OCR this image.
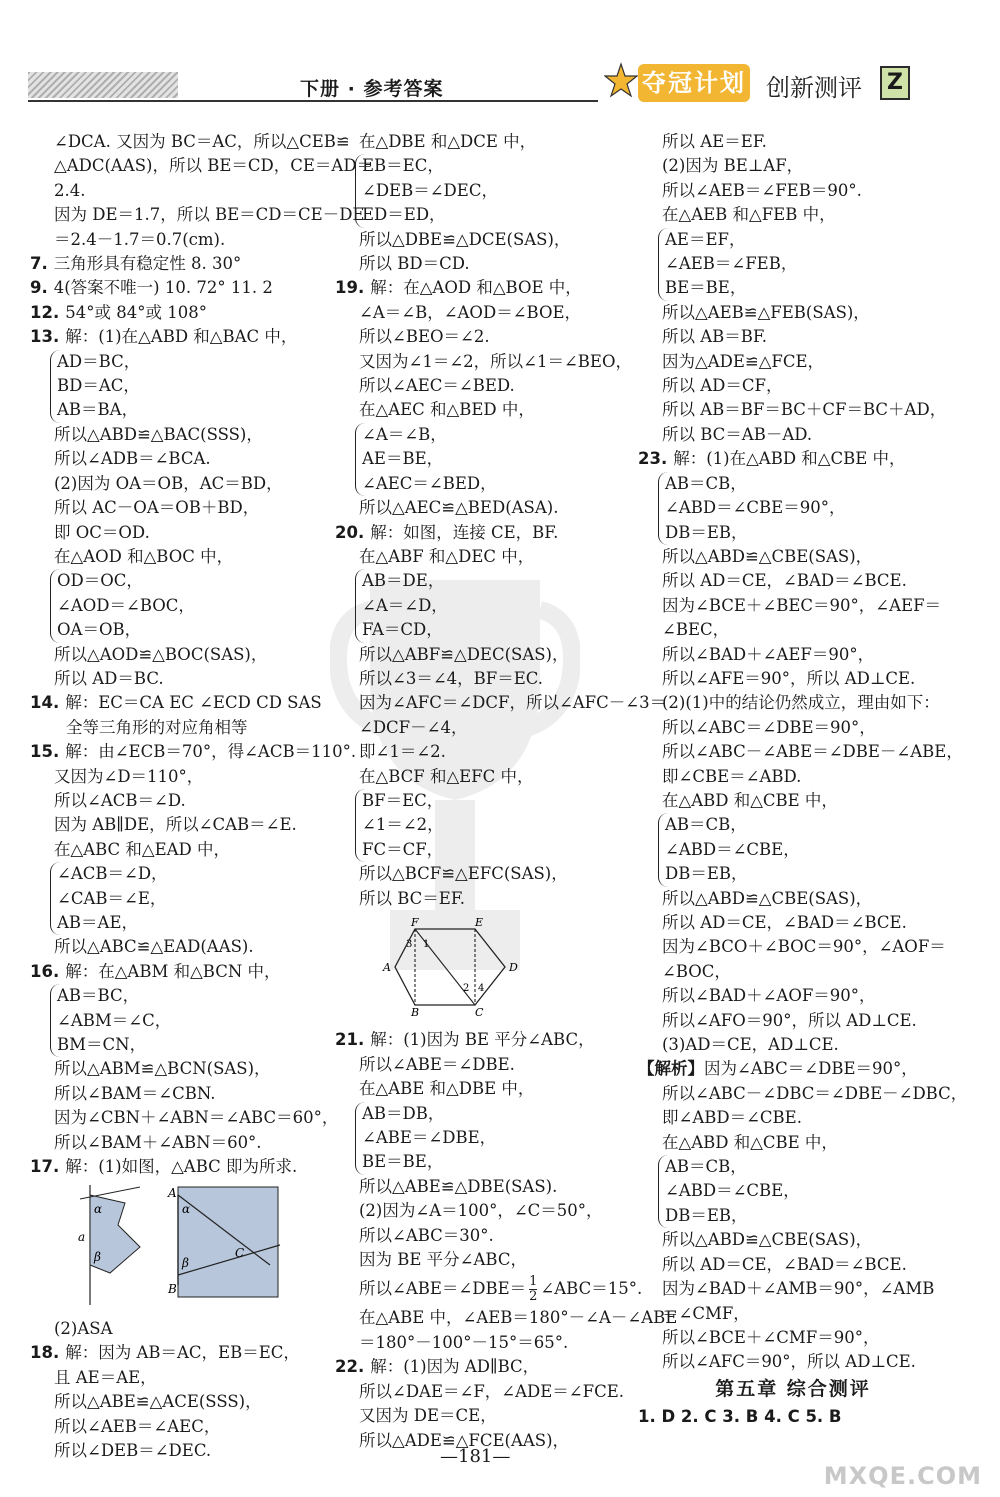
下册 · 参考答案	夺冠计划 创新测评	Z
∠DCA. 又因为 BC＝AC，所以△CEB≌
△ADC(AAS)，所以 BE＝CD，CE＝AD＝
2.4.
因为 DE＝1.7，所以 BE＝CD＝CE－DE
＝2.4－1.7＝0.7(cm).
7. 三角形具有稳定性 8. 30°
9. 4(答案不唯一) 10. 72° 11. 2
12. 54°或 84°或 108°
13. 解：(1)在△ABD 和△BAC 中，
AD＝BC，
BD＝AC，
AB＝BA，
所以△ABD≌△BAC(SSS)，
所以∠ADB＝∠BCA.
(2)因为 OA＝OB，AC＝BD，
所以 AC－OA＝OB＋BD，
即 OC＝OD.
在△AOD 和△BOC 中，
OD＝OC，
∠AOD＝∠BOC，
OA＝OB，
所以△AOD≌△BOC(SAS)，
所以 AD＝BC.
14. 解：EC＝CA EC ∠ECD CD SAS
全等三角形的对应角相等
15. 解：由∠ECB＝70°，得∠ACB＝110°.
又因为∠D＝110°，
所以∠ACB＝∠D.
因为 AB∥DE，所以∠CAB＝∠E.
在△ABC 和△EAD 中，
∠ACB＝∠D，
∠CAB＝∠E，
AB＝AE，
所以△ABC≌△EAD(AAS).
16. 解：在△ABM 和△BCN 中，
AB＝BC，
∠ABM＝∠C，
BM＝CN，
所以△ABM≌△BCN(SAS)，
所以∠BAM＝∠CBN.
因为∠CBN＋∠ABN＝∠ABC＝60°，
所以∠BAM＋∠ABN＝60°.
17. 解：(1)如图，△ABC 即为所求.
α
a
β
A
B
C
α
β
(2)ASA
18. 解：因为 AB＝AC，EB＝EC，
且 AE＝AE，
所以△ABE≌△ACE(SSS)，
所以∠AEB＝∠AEC，
所以∠DEB＝∠DEC.
在△DBE 和△DCE 中，
EB＝EC，
∠DEB＝∠DEC，
ED＝ED，
所以△DBE≌△DCE(SAS)，
所以 BD＝CD.
19. 解：在△AOD 和△BOE 中，
∠A＝∠B，∠AOD＝∠BOE，
所以∠BEO＝∠2.
又因为∠1＝∠2，所以∠1＝∠BEO，
所以∠AEC＝∠BED.
在△AEC 和△BED 中，
∠A＝∠B，
AE＝BE，
∠AEC＝∠BED，
所以△AEC≌△BED(ASA).
20. 解：如图，连接 CE，BF.
在△ABF 和△DEC 中，
AB＝DE，
∠A＝∠D，
FA＝CD，
所以△ABF≌△DEC(SAS)，
所以∠3＝∠4，BF＝EC.
因为∠AFC＝∠DCF，所以∠AFC－∠3＝
∠DCF－∠4，
即∠1＝∠2.
在△BCF 和△EFC 中，
BF＝EC，
∠1＝∠2，
FC＝CF，
所以△BCF≌△EFC(SAS)，
所以 BC＝EF.
F	E
A	D
B	C
1
2
3
4
21. 解：(1)因为 BE 平分∠ABC，
所以∠ABE＝∠DBE.
在△ABE 和△DBE 中，
AB＝DB，
∠ABE＝∠DBE，
BE＝BE，
所以△ABE≌△DBE(SAS).
(2)因为∠A＝100°，∠C＝50°，
所以∠ABC＝30°.
因为 BE 平分∠ABC，
所以∠ABE＝∠DBE＝ $\frac{1}{2}$ ∠ABC＝15°.
在△ABE 中，∠AEB＝180°－∠A－∠ABE
＝180°－100°－15°＝65°.
22. 解：(1)因为 AD∥BC，
所以∠DAE＝∠F，∠ADE＝∠FCE.
又因为 DE＝CE，
所以△ADE≌△FCE(AAS)，
所以 AE＝EF.
(2)因为 BE⊥AF，
所以∠AEB＝∠FEB＝90°.
在△AEB 和△FEB 中，
AE＝EF，
∠AEB＝∠FEB，
BE＝BE，
所以△AEB≌△FEB(SAS)，
所以 AB＝BF.
因为△ADE≌△FCE，
所以 AD＝CF，
所以 AB＝BF＝BC＋CF＝BC＋AD，
所以 BC＝AB－AD.
23. 解：(1)在△ABD 和△CBE 中，
AB＝CB，
∠ABD＝∠CBE＝90°，
DB＝EB，
所以△ABD≌△CBE(SAS)，
所以 AD＝CE，∠BAD＝∠BCE.
因为∠BCE＋∠BEC＝90°，∠AEF＝
∠BEC，
所以∠BAD＋∠AEF＝90°，
所以∠AFE＝90°，所以 AD⊥CE.
(2)(1)中的结论仍然成立，理由如下：
所以∠ABC＝∠DBE＝90°，
所以∠ABC－∠ABE＝∠DBE－∠ABE，
即∠CBE＝∠ABD.
在△ABD 和△CBE 中，
AB＝CB，
∠ABD＝∠CBE，
DB＝EB，
所以△ABD≌△CBE(SAS)，
所以 AD＝CE，∠BAD＝∠BCE.
因为∠BCO＋∠BOC＝90°，∠AOF＝
∠BOC，
所以∠BAD＋∠AOF＝90°，
所以∠AFO＝90°，所以 AD⊥CE.
(3)AD＝CE，AD⊥CE.
【解析】因为∠ABC＝∠DBE＝90°，
所以∠ABC－∠DBC＝∠DBE－∠DBC，
即∠ABD＝∠CBE.
在△ABD 和△CBE 中，
AB＝CB，
∠ABD＝∠CBE，
DB＝EB，
所以△ABD≌△CBE(SAS)，
所以 AD＝CE，∠BAD＝∠BCE.
因为∠BAD＋∠AMB＝90°，∠AMB
＝∠CMF，
所以∠BCE＋∠CMF＝90°，
所以∠AFC＝90°，所以 AD⊥CE.
第五章 综合测评
1. D 2. C 3. B 4. C 5. B
—181—
MXQE.COM
